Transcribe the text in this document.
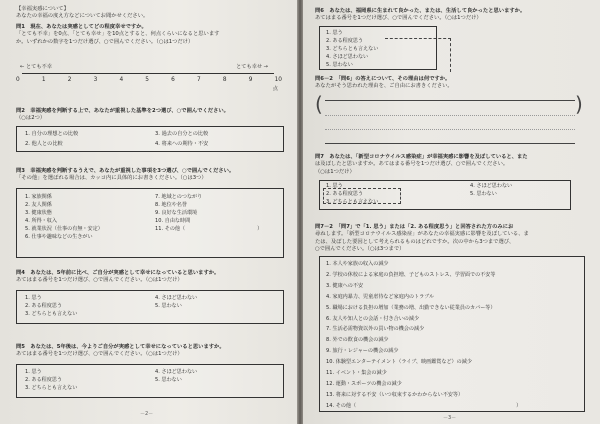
【幸福実感について】
あなたの幸福の度え方などについてお聞かせください。
問1　現在、あなたは実感としてどの程度幸せですか。
「とても不幸」を0点、「とても幸せ」を10点とすると、何点くらいになると思います
か。いずれかの数字を1つだけ選び、○で囲んでください。（○は1つだけ）
← とても不幸	とても幸せ →
0	1	2	3	4	5	6	7	8	9	10
点
問2　幸福実感を判断する上で、あなたが重視した基準を2つ選び、○で囲んでください。
（○は2つ）
1. 自分の理想との比較
2. 他人との比較
3. 過去の自分との比較
4. 将来への期待・不安
問3　幸福実感を判断するうえで、あなたが重視した事項を3つ選び、○で囲んでください。
「その他」を選ばれる場合は、カッコ内に具体的にお書きください。（○は3つ）
1. 家族関係
2. 友人関係
3. 健康状態
4. 所得・収入
5. 就業状況（仕事の有無・安定）
6. 仕事や趣味などの生きがい
7. 地域とのつながり
8. 地位や名誉
9. 良好な生活環境
10. 自由な時間
11. その他（	）
問4　あなたは、5年前に比べ、ご自分が実感として幸せになっていると思いますか。
あてはまる番号を1つだけ選び、○で囲んでください。（○は1つだけ）
1. 思う
2. ある程度思う
3. どちらとも言えない
4. さほど思わない
5. 思わない
問5　あなたは、5年後は、今よりご自分が実感として幸せになっていると思いますか。
あてはまる番号を1つだけ選び、○で囲んでください。（○は1つだけ）
1. 思う
2. ある程度思う
3. どちらとも言えない
4. さほど思わない
5. 思わない
－2－
問6　あなたは、福岡県に生まれて良かった、または、生活して良かったと思いますか。
あてはまる番号を1つだけ選び、○で囲んでください。（○は1つだけ）
1. 思う
2. ある程度思う
3. どちらとも言えない
4. さほど思わない
5. 思わない
問6－2　「問6」の答えについて、その理由は何ですか。
あなたがそう思われた理由を、ご自由にお書きください。
(	)
問7　あなたは、「新型コロナウイルス感染症」が幸福実感に影響を及ぼしていると、また
は及ぼしたと思いますか。あてはまる番号を1つだけ選び、○で囲んでください。
（○は1つだけ）
1. 思う
2. ある程度思う
3. どちらとも言えない
4. さほど思わない
5. 思わない
問7－2　「問7」で「1. 思う」または「2. ある程度思う」と回答された方のみにお
尋ねします。「新型コロナウイルス感染症」があなたの幸福実感に影響を及ぼしている、ま
たは、及ぼした要因として考えられるものはどれですか。次の中から3つまで選び、
○で囲んでください。（○は3つまで）
1. 本人や家族の収入の減少
2. 学校の休校による家庭の負担増、子どものストレス、学習面での不安等
3. 健康への不安
4. 家庭内暴力、児童虐待など家庭内のトラブル
5. 職場における負担の増加（業務の増、出勤できない従業員のカバー等）
6. 友人や知人との会話・付き合いの減少
7. 生活必需物資以外の買い物の機会の減少
8. 外での飲食の機会の減少
9. 旅行・レジャーの機会の減少
10. 体験型エンターテイメント（ライブ、映画鑑賞など）の減少
11. イベント・集会の減少
12. 運動・スポーツの機会の減少
13. 将来に対する不安（いつ収束するかわからない不安等）
14. その他（	）
－3－
